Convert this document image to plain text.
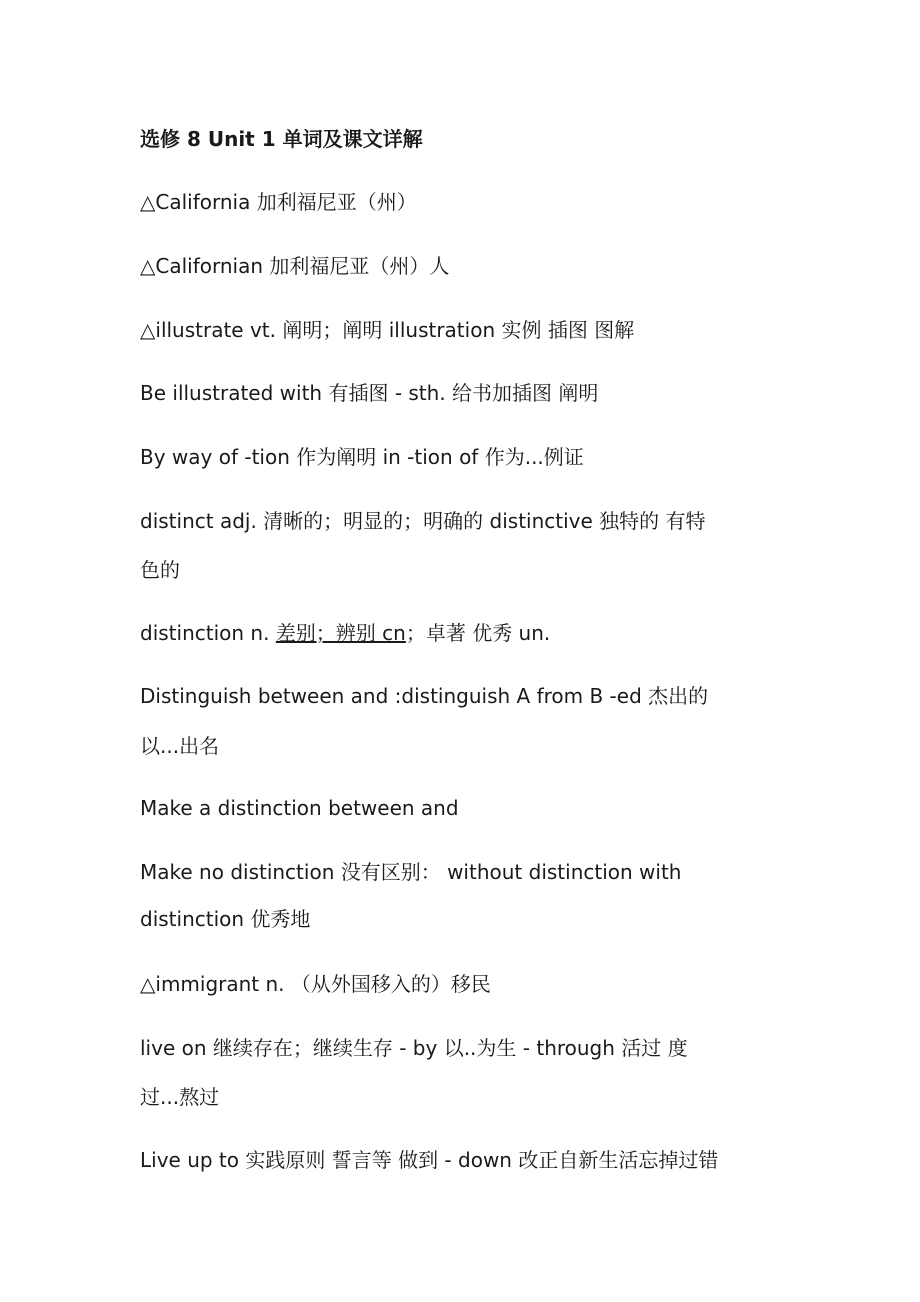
选修 8 Unit 1 单词及课文详解
△California 加利福尼亚（州）
△Californian 加利福尼亚（州）人
△illustrate vt. 阐明；阐明 illustration 实例 插图 图解
Be illustrated with 有插图 - sth. 给书加插图 阐明
By way of -tion 作为阐明 in -tion of 作为...例证
distinct adj. 清晰的；明显的；明确的 distinctive 独特的 有特
色的
distinction n. 差别；辨别 cn；卓著 优秀 un.
Distinguish between and :distinguish A from B -ed 杰出的
以...出名
Make a distinction between and
Make no distinction 没有区别： without distinction with
distinction 优秀地
△immigrant n. （从外国移入的）移民
live on 继续存在；继续生存 - by 以..为生 - through 活过 度
过...熬过
Live up to 实践原则 誓言等 做到 - down 改正自新生活忘掉过错
